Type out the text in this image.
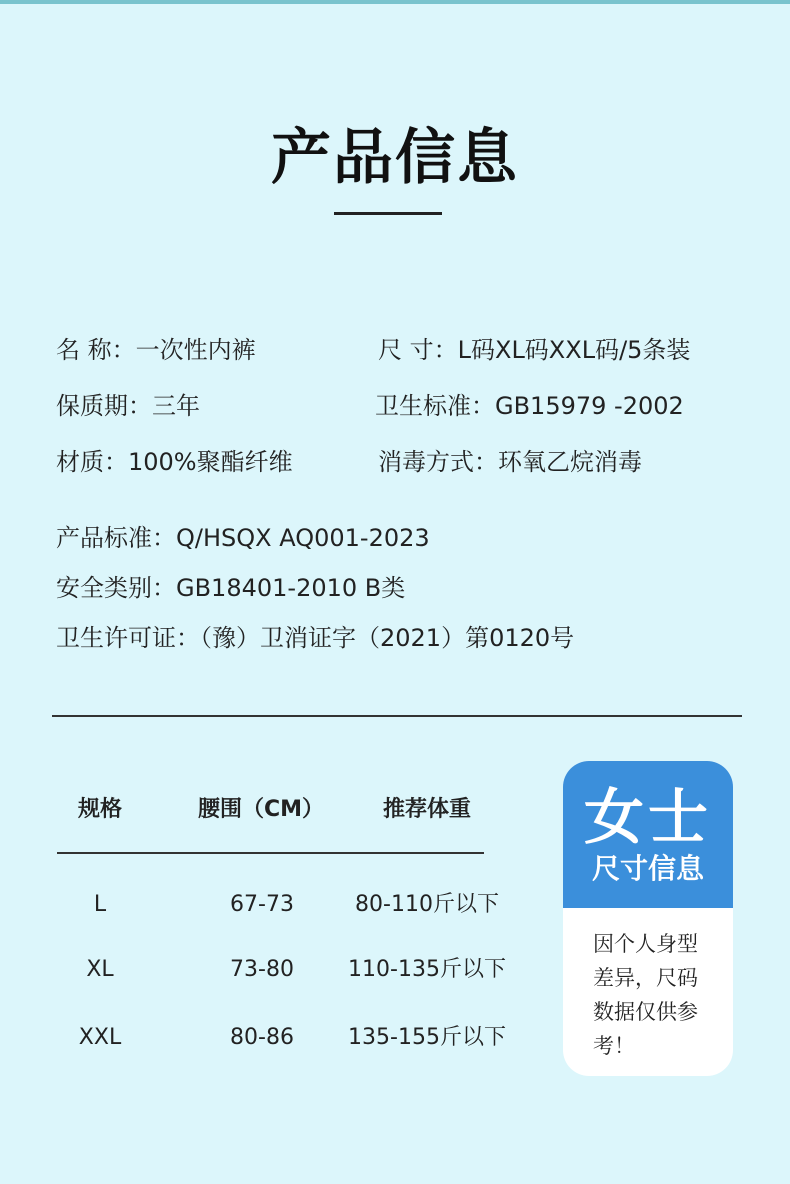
产品信息
名 称：一次性内裤	尺 寸：L码XL码XXL码/5条装
保质期：三年	卫生标准：GB15979 -2002
材质：100%聚酯纤维	消毒方式：环氧乙烷消毒
产品标准：Q/HSQX AQ001-2023
安全类别：GB18401-2010 B类
卫生许可证：（豫）卫消证字（2021）第0120号
规格	腰围（CM）	推荐体重
L	67-73	80-110斤以下
XL	73-80	110-135斤以下
XXL	80-86	135-155斤以下
女士
尺寸信息
因个人身型差异，尺码数据仅供参考！
